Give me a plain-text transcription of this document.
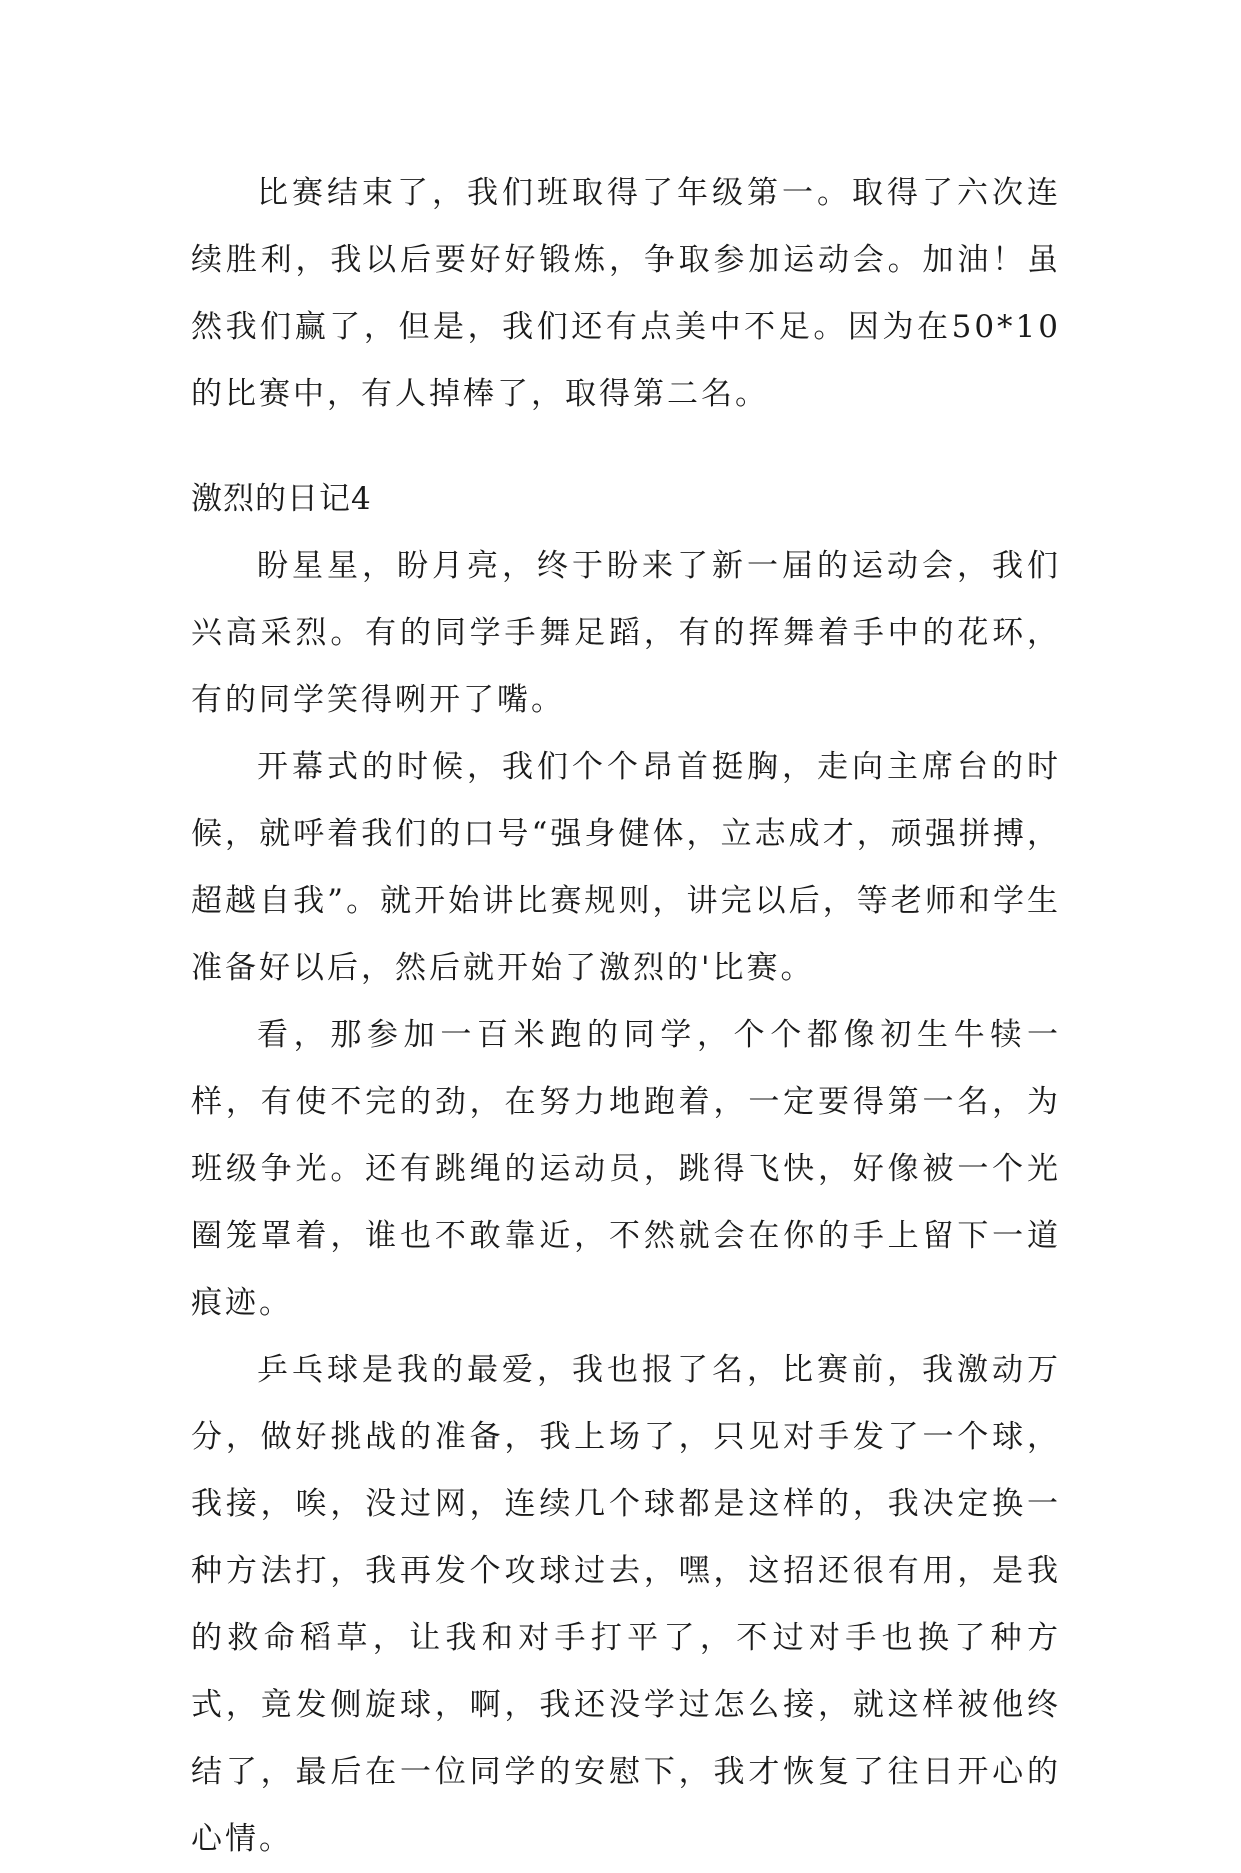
比赛结束了，我们班取得了年级第一。取得了六次连续胜利，我以后要好好锻炼，争取参加运动会。加油！虽然我们赢了，但是，我们还有点美中不足。因为在50*10的比赛中，有人掉棒了，取得第二名。

激烈的日记4

盼星星，盼月亮，终于盼来了新一届的运动会，我们兴高采烈。有的同学手舞足蹈，有的挥舞着手中的花环，有的同学笑得咧开了嘴。

开幕式的时候，我们个个昂首挺胸，走向主席台的时候，就呼着我们的口号“强身健体，立志成才，顽强拼搏，超越自我”。就开始讲比赛规则，讲完以后，等老师和学生准备好以后，然后就开始了激烈的'比赛。

看，那参加一百米跑的同学，个个都像初生牛犊一样，有使不完的劲，在努力地跑着，一定要得第一名，为班级争光。还有跳绳的运动员，跳得飞快，好像被一个光圈笼罩着，谁也不敢靠近，不然就会在你的手上留下一道痕迹。

乒乓球是我的最爱，我也报了名，比赛前，我激动万分，做好挑战的准备，我上场了，只见对手发了一个球，我接，唉，没过网，连续几个球都是这样的，我决定换一种方法打，我再发个攻球过去，嘿，这招还很有用，是我的救命稻草，让我和对手打平了，不过对手也换了种方式，竟发侧旋球，啊，我还没学过怎么接，就这样被他终结了，最后在一位同学的安慰下，我才恢复了往日开心的心情。
